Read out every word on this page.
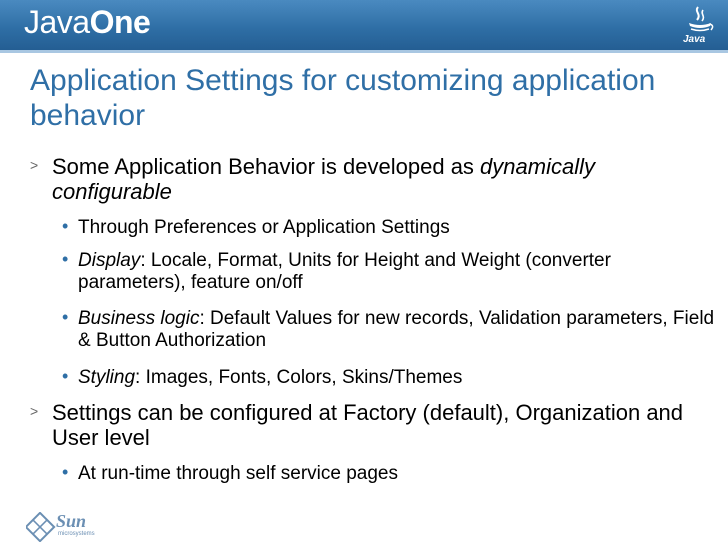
JavaOne	Java
Application Settings for customizing application behavior
> Some Application Behavior is developed as dynamically configurable
• Through Preferences or Application Settings
• Display: Locale, Format, Units for Height and Weight (converter parameters), feature on/off
• Business logic: Default Values for new records, Validation parameters, Field & Button Authorization
• Styling: Images, Fonts, Colors, Skins/Themes
> Settings can be configured at Factory (default), Organization and User level
• At run-time through self service pages
Sun
microsystems
